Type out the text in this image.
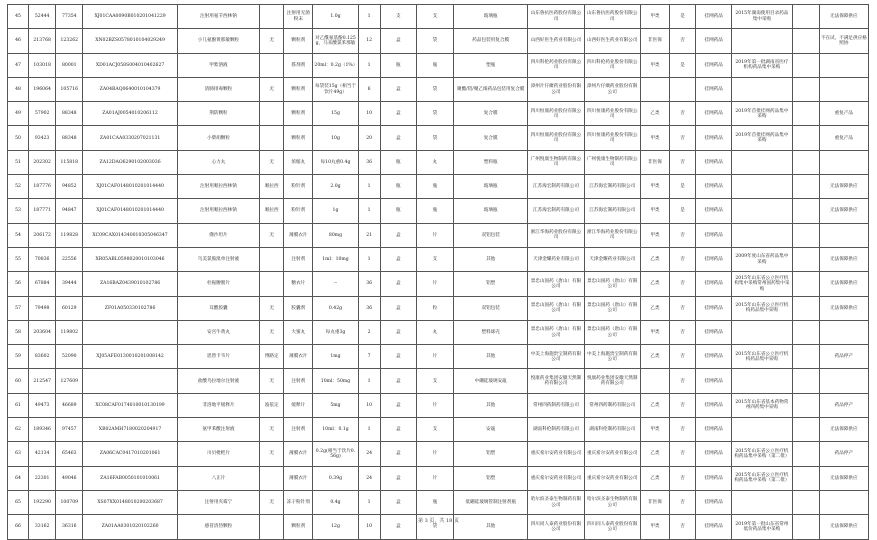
45	52444	77354	XJ01CAA0090B010201041229	注射用氨苄西林钠		注射用无菌粉末	1.0g	1	支	支	玻璃瓶	山东鲁抗医药股份有限公司	山东鲁抗医药股份有限公司	甲类	是	挂网药品	2015年湖南使用目录药品集中采购		无法保障供应
46	213768	123262	XN02BZS0578010104029249	小儿氨酚黄那敏颗粒	无	颗粒剂	对乙酰氨基酚0.125g，马来酸氯苯那敏	12	盒	袋	药品包装用复合膜	山西好医生药业有限公司	山西好医生药业有限公司	非医保	否	挂网药品			不在试、不满足供应格照协
47	103018	80001	XD01ACJ058S004010402627	甲紫溶液		搽剂剂	20ml：0.2g（1%）	1	瓶	瓶	塑瓶	四川科伦药业股份有限公司	四川科伦药业股份有限公司	甲类	是	挂网药品	2019年第一批湖南省医疗机构药品集中采购		
48	196064	105716	ZA04BAQ0640010104379	清肺排毒颗粒	无	颗粒剂	每袋装15g（相当于饮片49g）	6	盒	袋	聚酯/铝/聚乙烯药品包装用复合膜	漳州片仔癀药业股份有限公司	漳州片仔癀药业股份有限公司			挂网药品			
49	57902	88348	ZA01AJ0054010206112	荆防颗粒		颗粒剂	15g	10	盒	袋	复合膜	四川恒康药业股份有限公司	四川恒康药业股份有限公司	乙类	否	挂网药品	2019年首批挂网药品集中采购		重复产品
50	93423	88348	ZA01CAA0330207021131	小柴胡颗粒		颗粒剂	10g	20	盒	袋	复合膜	四川恒康药业股份有限公司	四川恒康药业股份有限公司	甲类	否	挂网药品	2019年首批挂网药品集中采购		重复产品
51	202302	115818	ZA12DAO6290102003036	心力丸	无	浓缩丸	每10丸重0.4g	36	瓶	丸	塑料瓶	广州悦康生物制药有限公司	广州悦康生物制药有限公司	非医保	否	挂网药品			
52	187776	94852	XJ01CAF0148010201014440	注射用哌拉西林钠	哌拉西	粉针剂	2.0g	1	瓶	瓶	玻璃瓶	江苏海宏制药有限公司	江苏海宏制药有限公司	甲类	是	挂网药品			无法保障供应
53	187771	94847	XJ01CAF0148010201014440	注射用哌拉西林钠	哌拉西	粉针剂	1g	1	瓶	瓶	玻璃瓶	江苏海宏制药有限公司	江苏海宏制药有限公司	甲类	是	挂网药品			无法保障供应
54	206172	119828	XC09CAX014340010305046347	缬沙坦片	无	薄膜衣片	80mg	21	盒	片	双铝包装	浙江华海药业股份有限公司	浙江华海药业股份有限公司	甲类	否	挂网药品			
55	70836	22556	XR05ABL0598020010103046	乌美氯胺溴单注射液		注射剂	1ml：10mg	1	盒	支	其他	天津金耀药业有限公司	天津金耀药业有限公司	乙类	否	挂网药品	2009年度山东省药品集中采购		无法保障供应
56	67884	39444	ZA16BAZ0439010102786	杜振腰膀片		糖衣片	--	36	盒	片	铝塑	景忠山国药（唐山）有限公司	景忠山国药（唐山）有限公司	乙类	否	挂网药品	2015年山东省公立医疗机构集中采购常州国药集中采购		无法保障供应
57	79498	60129	ZF01A050330102786	耳酸胶囊	无	胶囊剂	0.42g	36	盒	粒	双铝包装	景忠山国药（唐山）有限公司	景忠山国药（唐山）有限公司	乙类	否	挂网药品	2015年山东省公立医疗机构药品集中采购		无法保障供应
58	203604	119802		安宫牛黄丸	无	大蜜丸	每丸重3g	2	盒	丸	塑料球壳	景忠山国药（唐山）有限公司	景忠山国药（唐山）有限公司	甲类	否	挂网药品			
59	83602	52090	XJ05AFE0130010201008142	恩替卡韦片	博路定	薄膜衣片	1mg	7	盒	片	其他	中美上海施贵宝制药有限公司	中美上海施贵宝制药有限公司	乙类	否	挂网药品	2015年山东省公立医疗机构药品集中采购		药品停产
60	212547	127609		盐酸乌拉地尔注射液	无	注射剂	10ml：50mg	1	盒	支	中硼硅玻璃安瓿	悦康药业集团安徽天然制药有限公司	悦康药业集团安徽天然制药有限公司		否	挂网药品			
61	49473	46689	XC08CAF0174010010130199	非洛地平缓释片	波依定	缓释片	5mg	10	盒	片	其他	常州四药制药有限公司	常州四药制药有限公司	乙类	否	挂网药品	2015年山东省基本药物常州四药集中采购		药品停产
62	189346	97457	XB02AMH7180020204917	氨甲苯酸注射液	无	注射剂	10ml：0.1g	1	盒	支	安瓿	湖南科伦制药有限公司	湖南科伦制药有限公司	甲类	否	挂网药品			无法保障供应
63	42134	65463	ZA06CAC0417010201061	川贝枇杷片	无	薄膜衣片	0.2g(相当于饮片0.56g)	24	盒	片	铝塑	重庆希尔安药业有限公司	重庆希尔安药业有限公司	乙类	否	挂网药品	2015年山东省公立医疗机构药品集中采购（第二批）		药品停产
64	22301	49046	ZA16FAB0050101010061	八正片		薄膜衣片	0.39g	24	盒	片	铝塑	重庆希尔安药业有限公司	重庆希尔安药业有限公司	乙类	否	挂网药品	2015年山东省公立医疗机构药品集中采购（第二批）		无法保障供应
65	192290	100709	XS07XX0148010200203687	注射用夹霉宁	无	冻干粉针剂	0.4g	1	盒	瓶	低硼硅玻璃管制注射剂瓶	哈尔滨圣泰生物制药有限公司	哈尔滨圣泰生物制药有限公司	非医保	否	挂网药品			
66	33162	36316	ZA01AA0301020102260	感冒清热颗粒		颗粒剂	12g	10	盒	袋	其他	四川同人泰药业股份有限公司	四川同人泰药业股份有限公司	甲类	否	挂网药品	2019年第一批山东省常州低价药品集中采购		无法保障供应
第 3 页，共 18 页
